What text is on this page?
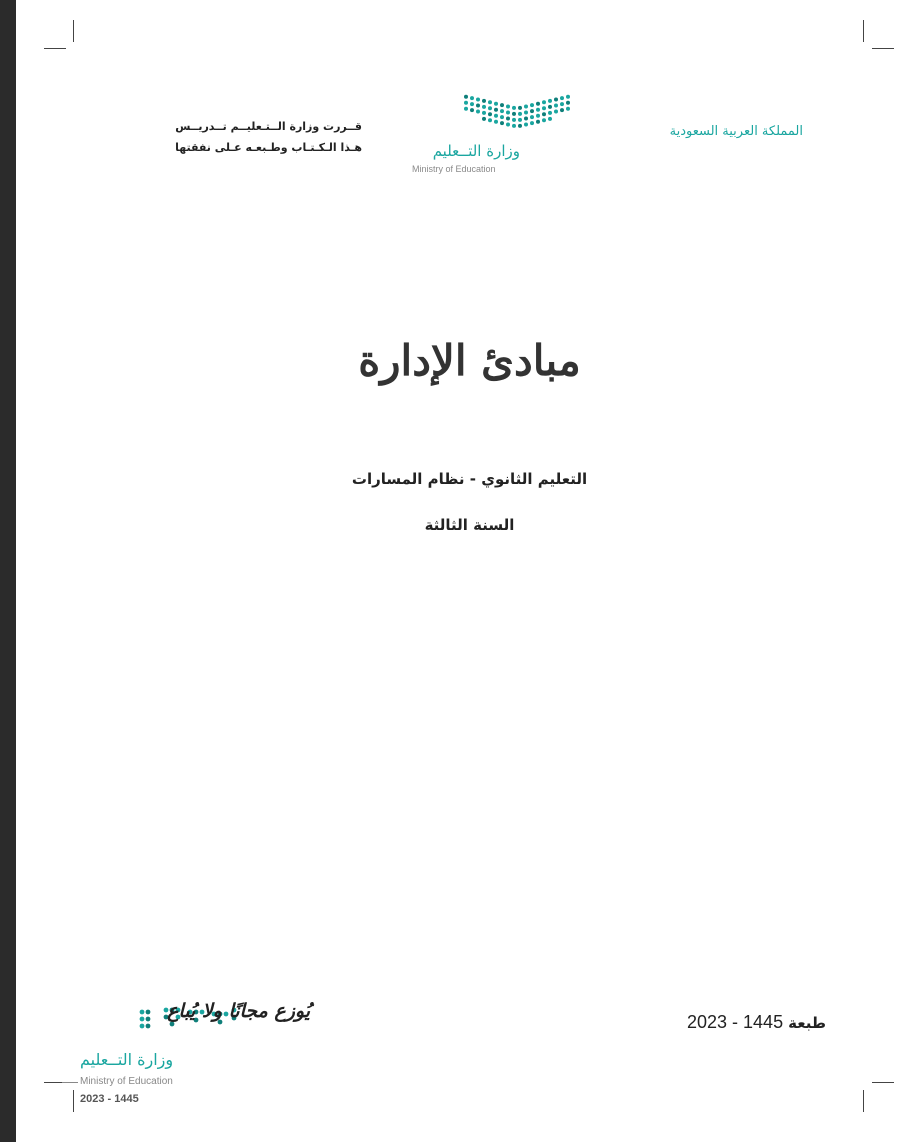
المملكة العربية السعودية
وزارة التــعليم
Ministry of Education
قــررت وزارة الــتـعليــم تــدريــس
هـذا الـكـتـاب وطـبعـه عـلى نفقتها
مبادئ الإدارة
التعليم الثانوي - نظام المسارات
السنة الثالثة
طبعة 1445 - 2023
يُوزع مجانًا ولا يُباع
وزارة التــعليم
Ministry of Education
2023 - 1445
